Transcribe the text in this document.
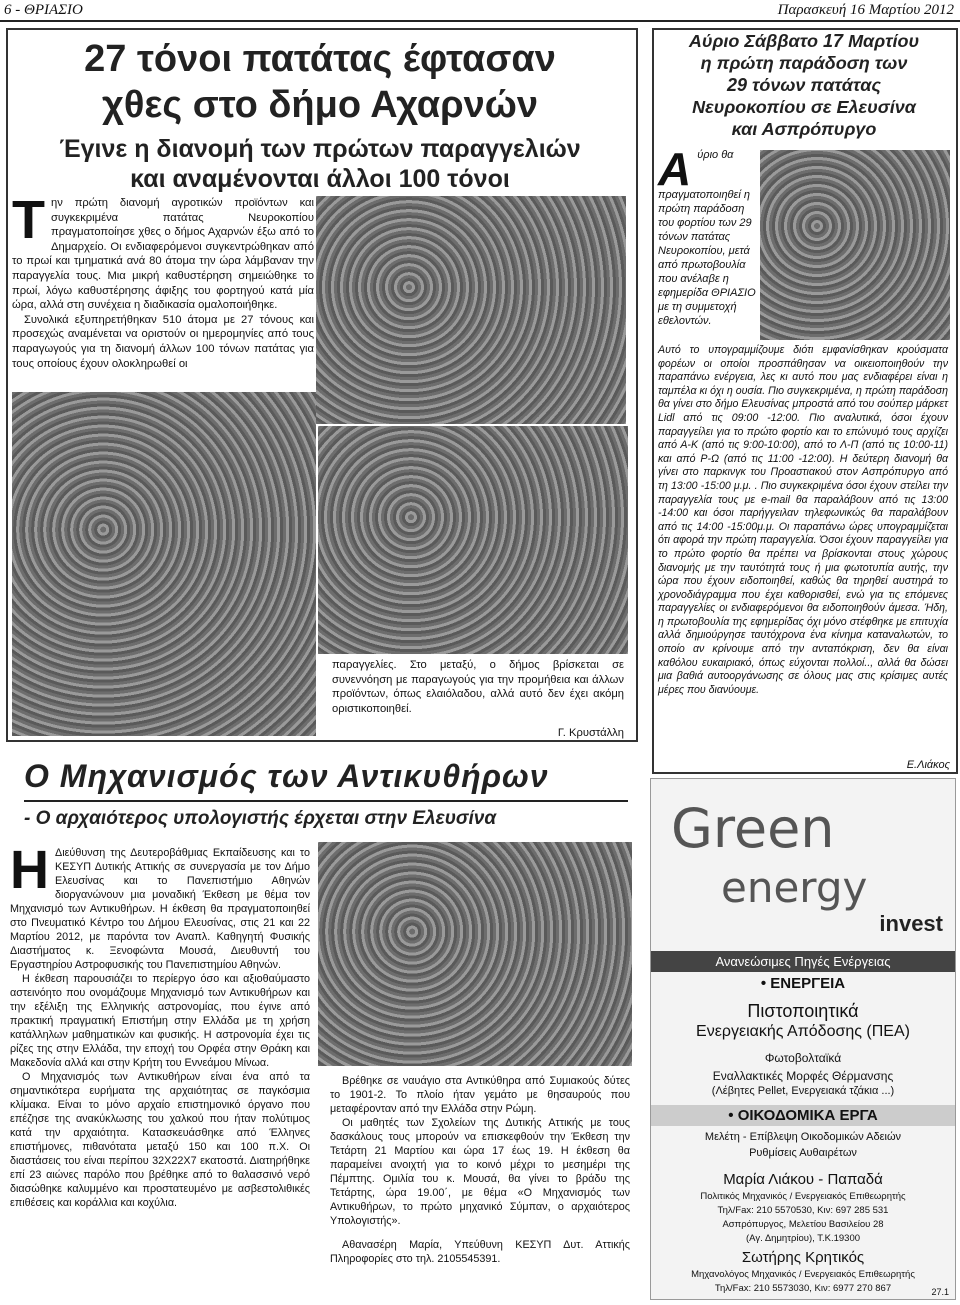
6 - ΘΡΙΑΣΙΟ	Παρασκευή 16 Μαρτίου 2012
27 τόνοι πατάτας έφτασαν
χθες στο δήμο Αχαρνών
Έγινε η διανομή των πρώτων παραγγελιών
και αναμένονται άλλοι 100 τόνοι
Τ ην πρώτη διανομή αγροτικών προϊόντων και συγκεκριμένα πατάτας Νευροκοπίου πραγματοποίησε χθες ο δήμος Αχαρνών έξω από το Δημαρχείο. Οι ενδιαφερόμενοι συγκεντρώθηκαν από το πρωί και τμηματικά ανά 80 άτομα την ώρα λάμβαναν την παραγγελία τους. Μια μικρή καθυστέρηση σημειώθηκε το πρωί, λόγω καθυστέρησης άφιξης του φορτηγού κατά μία ώρα, αλλά στη συνέχεια η διαδικασία ομαλοποιήθηκε.
Συνολικά εξυπηρετήθηκαν 510 άτομα με 27 τόνους και προσεχώς αναμένεται να οριστούν οι ημερομηνίες από τους παραγωγούς για τη διανομή άλλων 100 τόνων πατάτας για τους οποίους έχουν ολοκληρωθεί οι
παραγγελίες. Στο μεταξύ, ο δήμος βρίσκεται σε συνεννόηση με παραγωγούς για την προμήθεια και άλλων προϊόντων, όπως ελαιόλαδου, αλλά αυτό δεν έχει ακόμη οριστικοποιηθεί.
Γ. Κρυστάλλη
Αύριο Σάββατο 17 Μαρτίου
η πρώτη παράδοση των
29 τόνων πατάτας
Νευροκοπίου σε Ελευσίνα
και Ασπρόπυργο
Α ύριο θα πραγματοποιηθεί η πρώτη παράδοση του φορτίου των 29 τόνων πατάτας Νευροκοπίου, μετά από πρωτοβουλία που ανέλαβε η εφημερίδα ΘΡΙΑΣΙΟ με τη συμμετοχή εθελοντών.
Αυτό το υπογραμμίζουμε διότι εμφανίσθηκαν κρούσματα φορέων οι οποίοι προσπάθησαν να οικειοποιηθούν την παραπάνω ενέργεια, λες κι αυτό που μας ενδιαφέρει είναι η ταμπέλα κι όχι η ουσία. Πιο συγκεκριμένα, η πρώτη παράδοση θα γίνει στο δήμο Ελευσίνας μπροστά από του σούπερ μάρκετ Lidl από τις 09:00 -12:00. Πιο αναλυτικά, όσοι έχουν παραγγείλει για το πρώτο φορτίο και το επώνυμό τους αρχίζει από Α-Κ (από τις 9:00-10:00), από το Λ-Π (από τις 10:00-11) και από Ρ-Ω (από τις 11:00 -12:00). Η δεύτερη διανομή θα γίνει στο παρκινγκ του Προαστιακού στον Ασπρόπυργο από τη 13:00 -15:00 μ.μ. . Πιο συγκεκριμένα όσοι έχουν στείλει την παραγγελία τους με e-mail θα παραλάβουν από τις 13:00 -14:00 και όσοι παρήγγειλαν τηλεφωνικώς θα παραλάβουν από τις 14:00 -15:00μ.μ. Οι παραπάνω ώρες υπογραμμίζεται ότι αφορά την πρώτη παραγγελία. Όσοι έχουν παραγγείλει για το πρώτο φορτίο θα πρέπει να βρίσκονται στους χώρους διανομής με την ταυτότητά τους ή μια φωτοτυπία αυτής, την ώρα που έχουν ειδοποιηθεί, καθώς θα τηρηθεί αυστηρά το χρονοδιάγραμμα που έχει καθορισθεί, ενώ για τις επόμενες παραγγελίες οι ενδιαφερόμενοι θα ειδοποιηθούν άμεσα. Ήδη, η πρωτοβουλία της εφημερίδας όχι μόνο στέφθηκε με επιτυχία αλλά δημιούργησε ταυτόχρονα ένα κίνημα καταναλωτών, το οποίο αν κρίνουμε από την ανταπόκριση, δεν θα είναι καθόλου ευκαιριακό, όπως εύχονται πολλοί.., αλλά θα δώσει μια βαθιά αυτοοργάνωσης σε όλους μας στις κρίσιμες αυτές μέρες που διανύουμε.
Ε.Λιάκος
Ο Μηχανισμός των Αντικυθήρων
- Ο αρχαιότερος υπολογιστής έρχεται στην Ελευσίνα
Η Διεύθυνση της Δευτεροβάθμιας Εκπαίδευσης και το ΚΕΣΥΠ Δυτικής Αττικής σε συνεργασία με τον Δήμο Ελευσίνας και το Πανεπιστήμιο Αθηνών διοργανώνουν μια μοναδική Έκθεση με θέμα τον Μηχανισμό των Αντικυθήρων. Η έκθεση θα πραγματοποιηθεί στο Πνευματικό Κέντρο του Δήμου Ελευσίνας, στις 21 και 22 Μαρτίου 2012, με παρόντα τον Αναπλ. Καθηγητή Φυσικής Διαστήματος κ. Ξενοφώντα Μουσά, Διευθυντή του Εργαστηρίου Αστροφυσικής του Πανεπιστημίου Αθηνών.
Η έκθεση παρουσιάζει το περίεργο όσο και αξιοθαύμαστο αστεινόητο που ονομάζουμε Μηχανισμό των Αντικυθήρων και την εξέλιξη της Ελληνικής αστρονομίας, που έγινε από πρακτική πραγματική Επιστήμη στην Ελλάδα με τη χρήση κατάλληλων μαθηματικών και φυσικής. Η αστρονομία έχει τις ρίζες της στην Ελλάδα, την εποχή του Ορφέα στην Θράκη και Μακεδονία αλλά και στην Κρήτη του Εννεάμου Μίνωα.
Ο Μηχανισμός των Αντικυθήρων είναι ένα από τα σημαντικότερα ευρήματα της αρχαιότητας σε παγκόσμια κλίμακα. Είναι το μόνο αρχαίο επιστημονικό όργανο που επέζησε της ανακύκλωσης του χαλκού που ήταν πολύτιμος κατά την αρχαιότητα. Κατασκευάσθηκε από Έλληνες επιστήμονες, πιθανότατα μεταξύ 150 και 100 π.Χ. Οι διαστάσεις του είναι περίπου 32X22X7 εκατοστά. Διατηρήθηκε επί 23 αιώνες παρόλο που βρέθηκε από το θαλασσινό νερό διασώθηκε καλυμμένο και προστατευμένο με ασβεστολιθικές επιθέσεις και κοράλλια και κοχύλια.
Βρέθηκε σε ναυάγιο στα Αντικύθηρα από Συμιακούς δύτες το 1901-2. Το πλοίο ήταν γεμάτο με θησαυρούς που μεταφέρονταν από την Ελλάδα στην Ρώμη.
Οι μαθητές των Σχολείων της Δυτικής Αττικής με τους δασκάλους τους μπορούν να επισκεφθούν την Έκθεση την Τετάρτη 21 Μαρτίου και ώρα 17 έως 19. Η έκθεση θα παραμείνει ανοιχτή για το κοινό μέχρι το μεσημέρι της Πέμπτης. Ομιλία του κ. Μουσά, θα γίνει το βράδυ της Τετάρτης, ώρα 19.00΄, με θέμα «Ο Μηχανισμός των Αντικυθήρων, το πρώτο μηχανικό Σύμπαν, ο αρχαιότερος Υπολογιστής».
Αθανασέρη Μαρία, Υπεύθυνη ΚΕΣΥΠ Δυτ. Αττικής Πληροφορίες στο τηλ. 2105545391.
Green
energy
invest
Ανανεώσιμες Πηγές Ενέργειας
• ΕΝΕΡΓΕΙΑ
Πιστοποιητικά
Ενεργειακής Απόδοσης (ΠΕΑ)
Φωτοβολταϊκά
Εναλλακτικές Μορφές Θέρμανσης
(Λέβητες Pellet, Ενεργειακά τζάκια ...)
• ΟΙΚΟΔΟΜΙΚΑ ΕΡΓΑ
Μελέτη - Επίβλεψη Οικοδομικών Αδειών
Ρυθμίσεις Αυθαιρέτων
Μαρία Λιάκου - Παπαδά
Πολιτικός Μηχανικός / Ενεργειακός Επιθεωρητής
Τηλ/Fax: 210 5570530, Κιν: 697 285 531
Ασπρόπυργος, Μελετίου Βασιλείου 28
(Αγ. Δημητρίου), Τ.Κ.19300
Σωτήρης Κρητικός
Μηχανολόγος Μηχανικός / Ενεργειακός Επιθεωρητής
Τηλ/Fax: 210 5573030, Κιν: 6977 270 867	27.1
